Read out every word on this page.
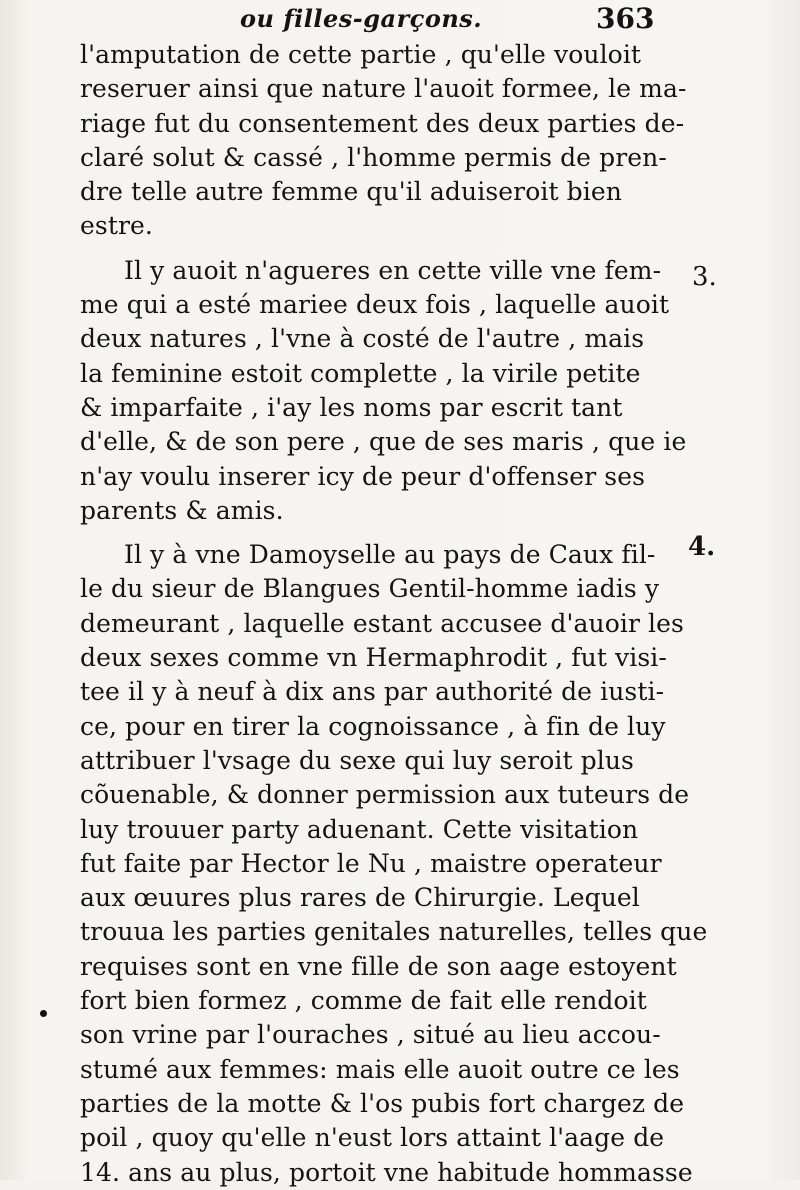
ou filles-garçons.	363
l'amputation de cette partie , qu'elle vouloit
reseruer ainsi que nature l'auoit formee, le ma-
riage fut du consentement des deux parties de-
claré solut & cassé , l'homme permis de pren-
dre telle autre femme qu'il aduiseroit bien
estre.
Il y auoit n'agueres en cette ville vne fem-
me qui a esté mariee deux fois , laquelle auoit
deux natures , l'vne à costé de l'autre , mais
la feminine estoit complette , la virile petite
& imparfaite , i'ay les noms par escrit tant
d'elle, & de son pere , que de ses maris , que ie
n'ay voulu inserer icy de peur d'offenser ses
parents & amis.
Il y à vne Damoyselle au pays de Caux fil-
le du sieur de Blangues Gentil-homme iadis y
demeurant , laquelle estant accusee d'auoir les
deux sexes comme vn Hermaphrodit , fut visi-
tee il y à neuf à dix ans par authorité de iusti-
ce, pour en tirer la cognoissance , à fin de luy
attribuer l'vsage du sexe qui luy seroit plus
cõuenable, & donner permission aux tuteurs de
luy trouuer party aduenant. Cette visitation
fut faite par Hector le Nu , maistre operateur
aux œuures plus rares de Chirurgie. Lequel
trouua les parties genitales naturelles, telles que
requises sont en vne fille de son aage estoyent
fort bien formez , comme de fait elle rendoit
son vrine par l'ouraches , situé au lieu accou-
stumé aux femmes: mais elle auoit outre ce les
parties de la motte & l'os pubis fort chargez de
poil , quoy qu'elle n'eust lors attaint l'aage de
14. ans au plus, portoit vne habitude hommasse
3.
4.
